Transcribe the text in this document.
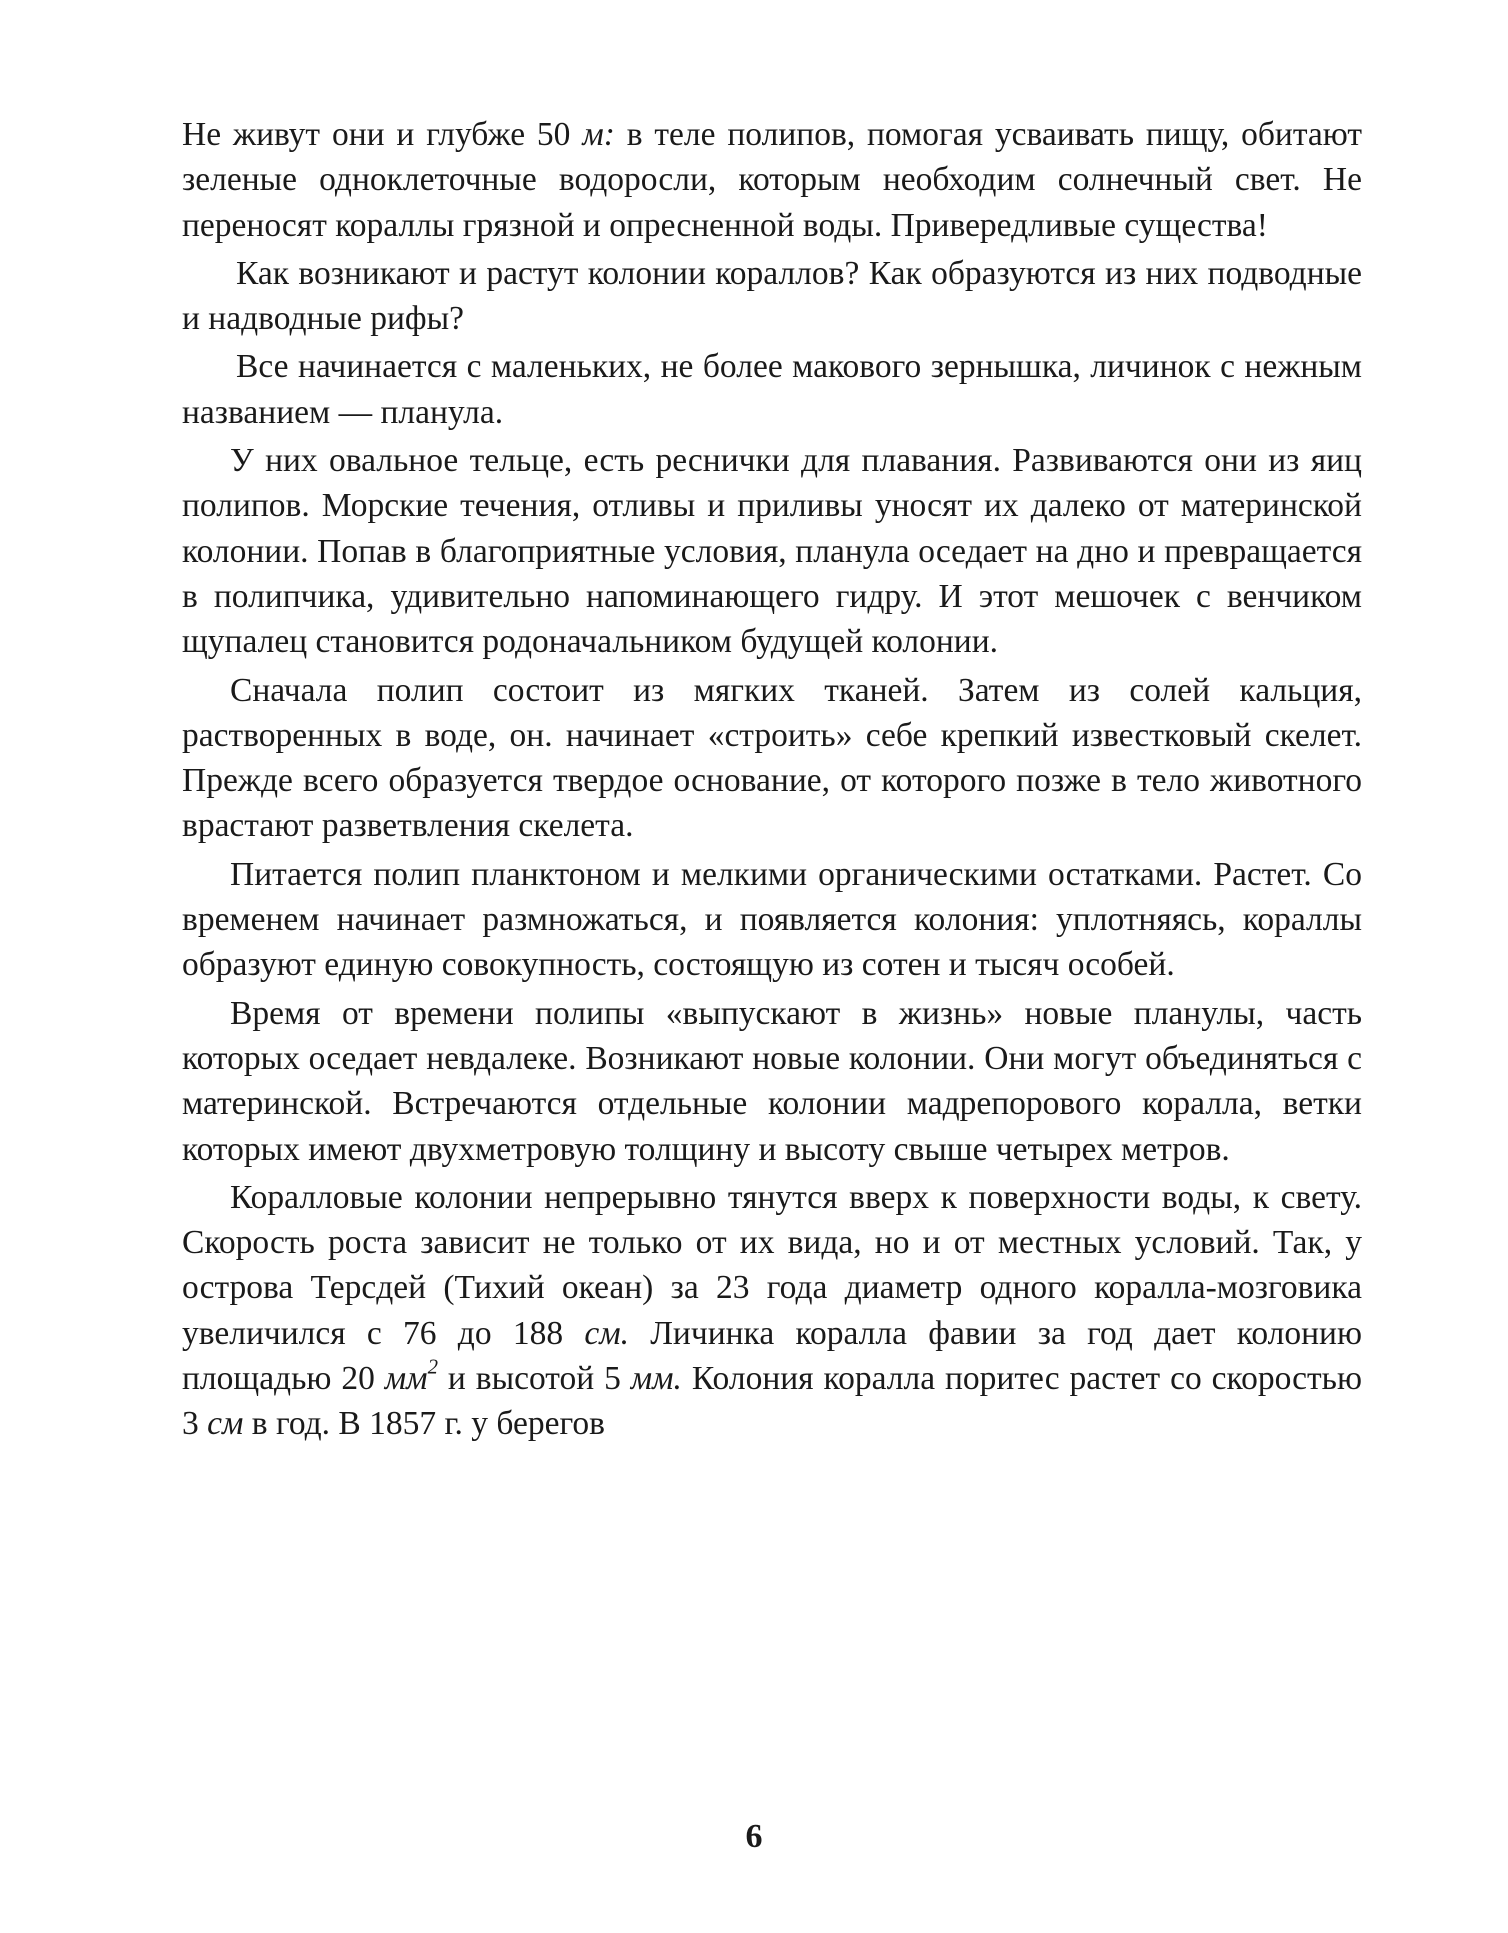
Не живут они и глубже 50 м: в теле полипов, помогая усваивать пищу, обитают зеленые одноклеточные водоросли, которым необходим солнечный свет. Не переносят кораллы грязной и опресненной воды. Привередливые существа!

Как возникают и растут колонии кораллов? Как образуются из них подводные и надводные рифы?

Все начинается с маленьких, не более макового зернышка, личинок с нежным названием — планула.

У них овальное тельце, есть реснички для плавания. Развиваются они из яиц полипов. Морские течения, отливы и приливы уносят их далеко от материнской колонии. Попав в благоприятные условия, планула оседает на дно и превращается в полипчика, удивительно напоминающего гидру. И этот мешочек с венчиком щупалец становится родоначальником будущей колонии.

Сначала полип состоит из мягких тканей. Затем из солей кальция, растворенных в воде, он. начинает «строить» себе крепкий известковый скелет. Прежде всего образуется твердое основание, от которого позже в тело животного врастают разветвления скелета.

Питается полип планктоном и мелкими органическими остатками. Растет. Со временем начинает размножаться, и появляется колония: уплотняясь, кораллы образуют единую совокупность, состоящую из сотен и тысяч особей.

Время от времени полипы «выпускают в жизнь» новые планулы, часть которых оседает невдалеке. Возникают новые колонии. Они могут объединяться с материнской. Встречаются отдельные колонии мадрепорового коралла, ветки которых имеют двухметровую толщину и высоту свыше четырех метров.

Коралловые колонии непрерывно тянутся вверх к поверхности воды, к свету. Скорость роста зависит не только от их вида, но и от местных условий. Так, у острова Терсдей (Тихий океан) за 23 года диаметр одного коралла-мозговика увеличился с 76 до 188 см. Личинка коралла фавии за год дает колонию площадью 20 $мм^2$ и высотой 5 мм. Колония коралла поритес растет со скоростью 3 см в год. В 1857 г. у берегов

6
